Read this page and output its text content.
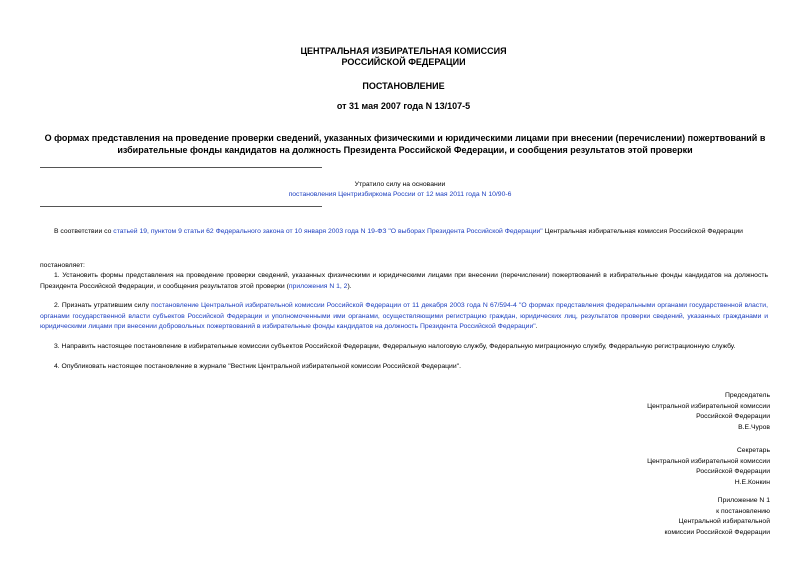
ЦЕНТРАЛЬНАЯ ИЗБИРАТЕЛЬНАЯ КОМИССИЯ
РОССИЙСКОЙ ФЕДЕРАЦИИ
ПОСТАНОВЛЕНИЕ
от 31 мая 2007 года N 13/107-5
О формах представления на проведение проверки сведений, указанных физическими и юридическими лицами при внесении (перечислении) пожертвований в избирательные фонды кандидатов на должность Президента Российской Федерации, и сообщения результатов этой проверки
Утратило силу на основании
постановления Центризбиркома России от 12 мая 2011 года N 10/90-6
В соответствии со статьей 19, пунктом 9 статьи 62 Федерального закона от 10 января 2003 года N 19-ФЗ "О выборах Президента Российской Федерации" Центральная избирательная комиссия Российской Федерации
постановляет:
1. Установить формы представления на проведение проверки сведений, указанных физическими и юридическими лицами при внесении (перечислении) пожертвований в избирательные фонды кандидатов на должность Президента Российской Федерации, и сообщения результатов этой проверки (приложения N 1, 2).
2. Признать утратившим силу постановление Центральной избирательной комиссии Российской Федерации от 11 декабря 2003 года N 67/594-4 "О формах представления федеральными органами государственной власти, органами государственной власти субъектов Российской Федерации и уполномоченными ими органами, осуществляющими регистрацию граждан, юридических лиц, результатов проверки сведений, указанных гражданами и юридическими лицами при внесении добровольных пожертвований в избирательные фонды кандидатов на должность Президента Российской Федерации".
3. Направить настоящее постановление в избирательные комиссии субъектов Российской Федерации, Федеральную налоговую службу, Федеральную миграционную службу, Федеральную регистрационную службу.
4. Опубликовать настоящее постановление в журнале "Вестник Центральной избирательной комиссии Российской Федерации".
Председатель
Центральной избирательной комиссии
Российской Федерации
В.Е.Чуров
Секретарь
Центральной избирательной комиссии
Российской Федерации
Н.Е.Конкин
Приложение N 1
к постановлению
Центральной избирательной
комиссии Российской Федерации
